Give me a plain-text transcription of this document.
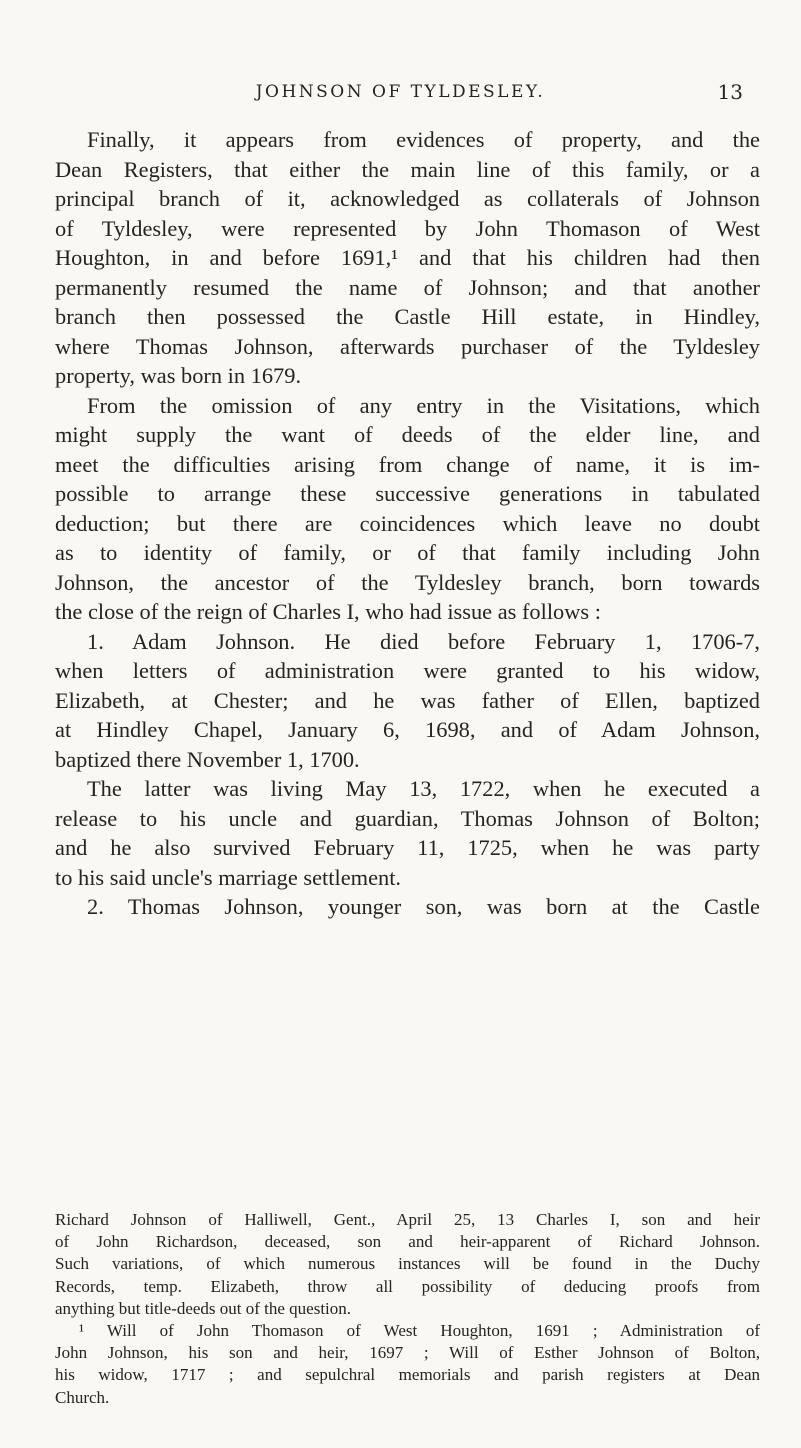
JOHNSON OF TYLDESLEY.	13
Finally, it appears from evidences of property, and the
Dean Registers, that either the main line of this family, or a
principal branch of it, acknowledged as collaterals of Johnson
of Tyldesley, were represented by John Thomason of West
Houghton, in and before 1691,¹ and that his children had then
permanently resumed the name of Johnson; and that another
branch then possessed the Castle Hill estate, in Hindley,
where Thomas Johnson, afterwards purchaser of the Tyldesley
property, was born in 1679.
From the omission of any entry in the Visitations, which
might supply the want of deeds of the elder line, and
meet the difficulties arising from change of name, it is im-
possible to arrange these successive generations in tabulated
deduction; but there are coincidences which leave no doubt
as to identity of family, or of that family including John
Johnson, the ancestor of the Tyldesley branch, born towards
the close of the reign of Charles I, who had issue as follows :
1. Adam Johnson. He died before February 1, 1706-7,
when letters of administration were granted to his widow,
Elizabeth, at Chester; and he was father of Ellen, baptized
at Hindley Chapel, January 6, 1698, and of Adam Johnson,
baptized there November 1, 1700.
The latter was living May 13, 1722, when he executed a
release to his uncle and guardian, Thomas Johnson of Bolton;
and he also survived February 11, 1725, when he was party
to his said uncle's marriage settlement.
2. Thomas Johnson, younger son, was born at the Castle
Richard Johnson of Halliwell, Gent., April 25, 13 Charles I, son and heir
of John Richardson, deceased, son and heir-apparent of Richard Johnson.
Such variations, of which numerous instances will be found in the Duchy
Records, temp. Elizabeth, throw all possibility of deducing proofs from
anything but title-deeds out of the question.
¹ Will of John Thomason of West Houghton, 1691 ; Administration of
John Johnson, his son and heir, 1697 ; Will of Esther Johnson of Bolton,
his widow, 1717 ; and sepulchral memorials and parish registers at Dean
Church.
